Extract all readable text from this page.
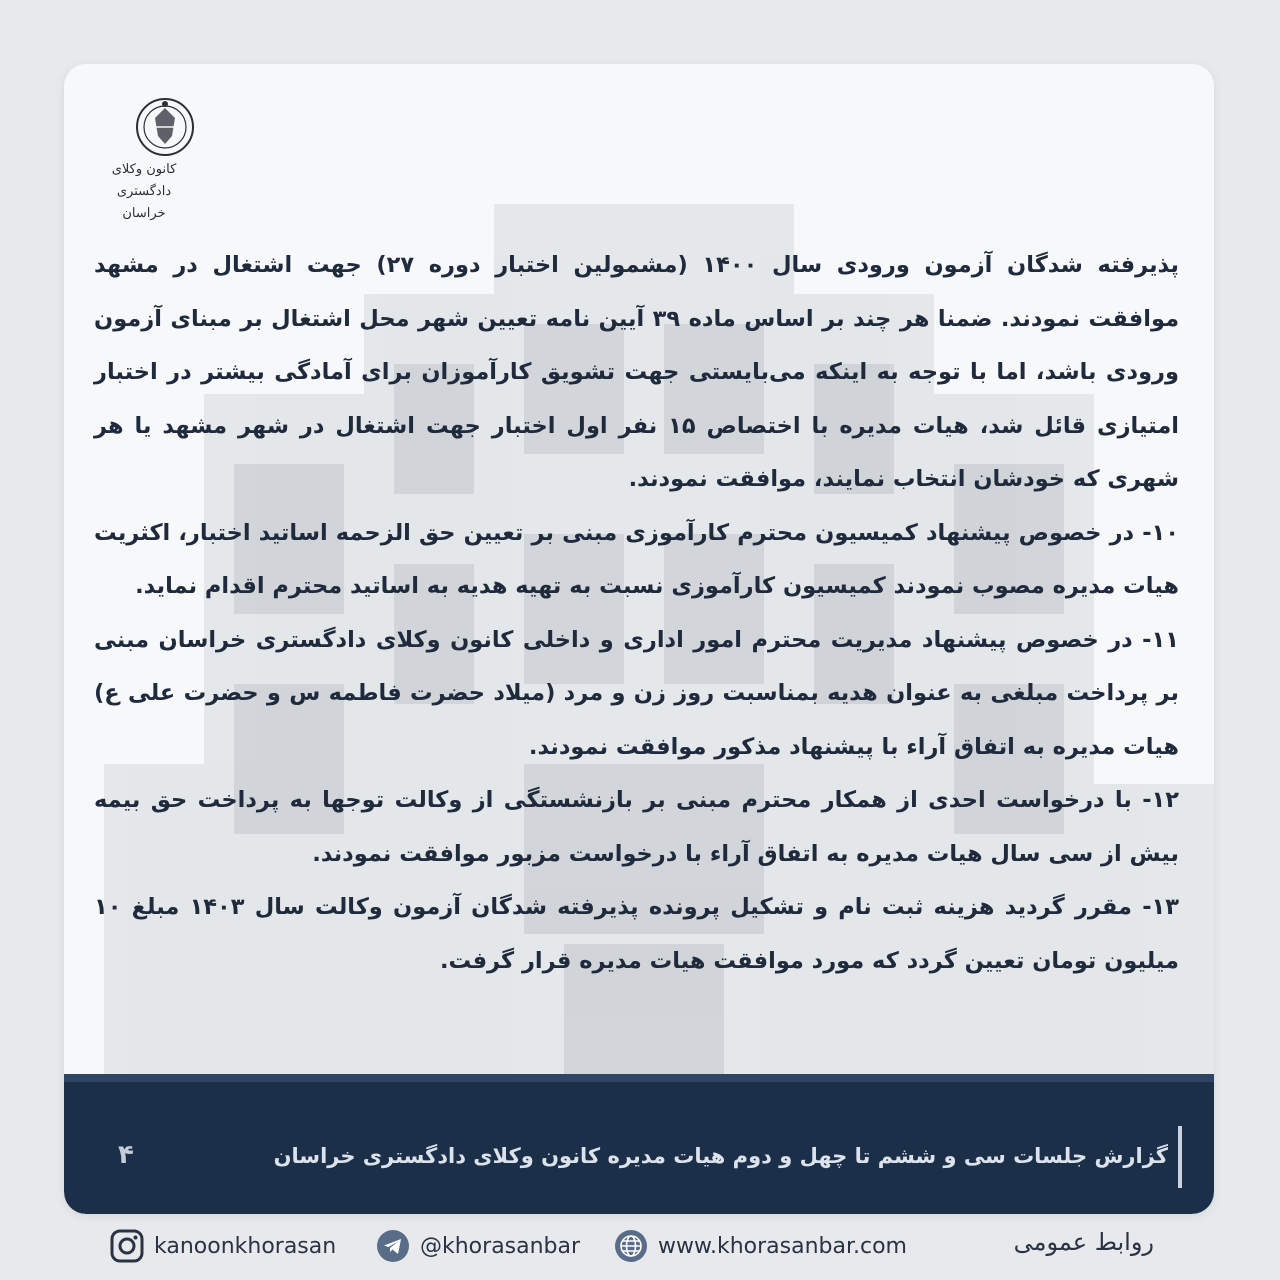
کانون وکلای دادگستری
خراسان

پذیرفته شدگان آزمون ورودی سال ۱۴۰۰ (مشمولین اختبار دوره ۲۷) جهت اشتغال در مشهد موافقت نمودند. ضمنا هر چند بر اساس ماده ۳۹ آیین نامه تعیین شهر محل اشتغال بر مبنای آزمون ورودی باشد، اما با توجه به اینکه می‌بایستی جهت تشویق کارآموزان برای آمادگی بیشتر در اختبار امتیازی قائل شد، هیات مدیره با اختصاص ۱۵ نفر اول اختبار جهت اشتغال در شهر مشهد یا هر شهری که خودشان انتخاب نمایند، موافقت نمودند.

۱۰- در خصوص پیشنهاد کمیسیون محترم کارآموزی مبنی بر تعیین حق الزحمه اساتید اختبار، اکثریت هیات مدیره مصوب نمودند کمیسیون کارآموزی نسبت به تهیه هدیه به اساتید محترم اقدام نماید.

۱۱- در خصوص پیشنهاد مدیریت محترم امور اداری و داخلی کانون وکلای دادگستری خراسان مبنی بر پرداخت مبلغی به عنوان هدیه بمناسبت روز زن و مرد (میلاد حضرت فاطمه س و حضرت علی ع) هیات مدیره به اتفاق آراء با پیشنهاد مذکور موافقت نمودند.

۱۲- با درخواست احدی از همکار محترم مبنی بر بازنشستگی از وکالت توجها به پرداخت حق بیمه بیش از سی سال هیات مدیره به اتفاق آراء با درخواست مزبور موافقت نمودند.

۱۳- مقرر گردید هزینه ثبت نام و تشکیل پرونده پذیرفته شدگان آزمون وکالت سال ۱۴۰۳ مبلغ ۱۰ میلیون تومان تعیین گردد که مورد موافقت هیات مدیره قرار گرفت.

گزارش جلسات سی و ششم تا چهل و دوم هیات مدیره کانون وکلای دادگستری خراسان
۴
kanoonkhorasan	@khorasanbar	www.khorasanbar.com	روابط عمومی
